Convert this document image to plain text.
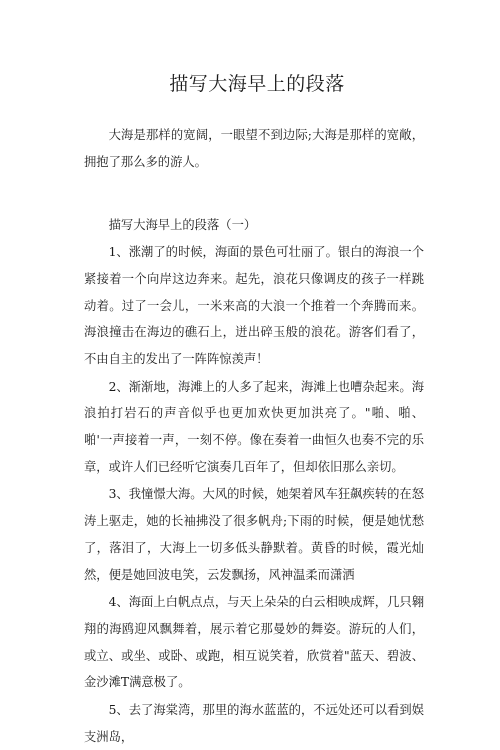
描写大海早上的段落

大海是那样的宽阔，一眼望不到边际;大海是那样的宽敞，拥抱了那么多的游人。

描写大海早上的段落（一）

1、涨潮了的时候，海面的景色可壮丽了。银白的海浪一个紧接着一个向岸这边奔来。起先，浪花只像调皮的孩子一样跳动着。过了一会儿，一米来高的大浪一个推着一个奔腾而来。海浪撞击在海边的礁石上，迸出碎玉般的浪花。游客们看了，不由自主的发出了一阵阵惊羡声！

2、渐渐地，海滩上的人多了起来，海滩上也嘈杂起来。海浪拍打岩石的声音似乎也更加欢快更加洪亮了。"啪、啪、啪'一声接着一声，一刻不停。像在奏着一曲恒久也奏不完的乐章，或许人们已经听它演奏几百年了，但却依旧那么亲切。

3、我憧憬大海。大风的时候，她架着风车狂飙疾转的在怒涛上驱走，她的长袖拂没了很多帆舟;下雨的时候，便是她忧愁了，落泪了，大海上一切多低头静默着。黄昏的时候，霞光灿然，便是她回波电笑，云发飘扬，风神温柔而潇洒

4、海面上白帆点点，与天上朵朵的白云相映成辉，几只翱翔的海鸥迎风飘舞着，展示着它那曼妙的舞姿。游玩的人们，或立、或坐、或卧、或跑，相互说笑着，欣赏着"蓝天、碧波、金沙滩T满意极了。

5、去了海棠湾，那里的海水蓝蓝的，不远处还可以看到娱支洲岛，
